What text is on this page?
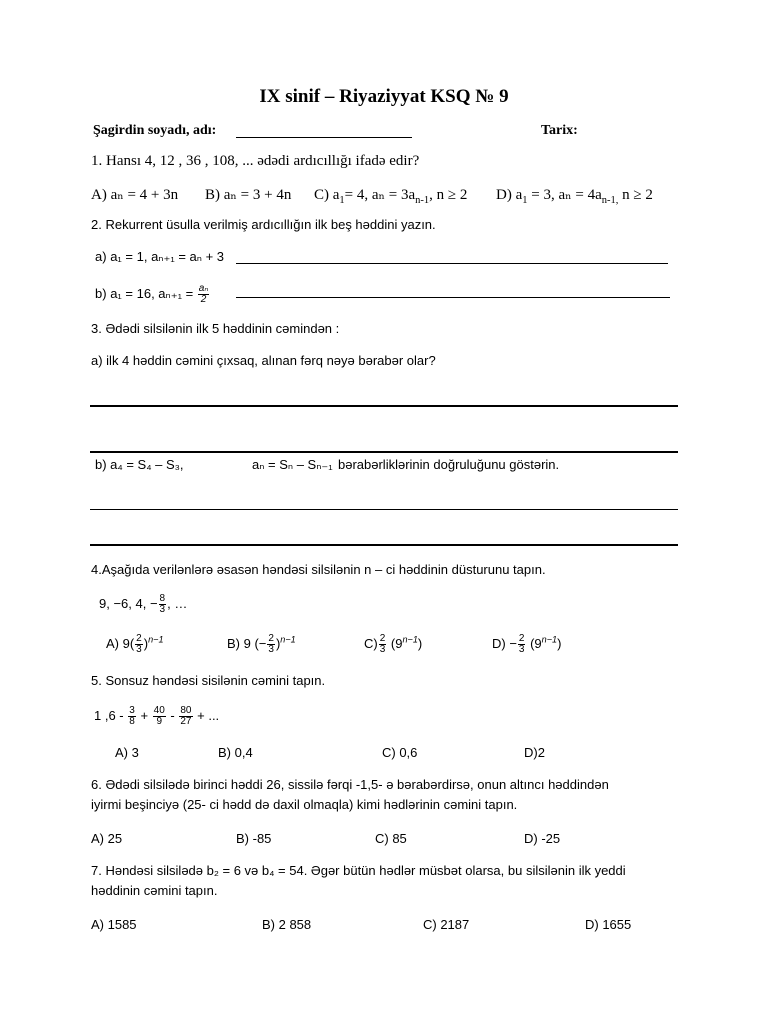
IX sinif – Riyaziyyat KSQ № 9
Şagirdin soyadı, adı:	Tarix:
1. Hansı 4, 12 , 36 , 108, ... ədədi ardıcıllığı ifadə edir?
A) aₙ = 4 + 3n B) aₙ = 3 + 4n C) $a_1= 4$, $a_n = 3a_{n-1}$, n ≥ 2 D) $a_1 = 3$, $a_n = 4a_{n-1,}$ n ≥ 2
2. Rekurrent üsulla verilmiş ardıcıllığın ilk beş həddini yazın.
a) a₁ = 1, aₙ₊₁ = aₙ + 3
b) a₁ = 16, $a_{n+1} = \frac{\text{aₙ}}{2}$
3. Ədədi silsilənin ilk 5 həddinin cəmindən :
a) ilk 4 həddin cəmini çıxsaq, alınan fərq nəyə bərabər olar?
b) a₄ = S₄ – S₃,	aₙ = Sₙ – Sₙ₋₁ bərabərliklərinin doğruluğunu göstərin.
4.Aşağıda verilənlərə əsasən həndəsi silsilənin n – ci həddinin düsturunu tapın.
9, −6, 4, − $\frac{8}{3}$ , …
A) $9( \frac{2}{3} )^{n-1}$	B) 9 (− $\frac{2}{3} )^{n-1}$	$C) \frac{2}{3} (9^{n-1})$	$D) - \frac{2}{3} (9^{n-1})$
5. Sonsuz həndəsi sisilənin cəmini tapın.
1 $,6 - \frac{3}{8} + \frac{40}{9} - \frac{80}{27}$ + ...
A) 3	B) 0,4	C) 0,6	D)2
6. Ədədi silsilədə birinci həddi 26, sissilə fərqi -1,5- ə bərabərdirsə, onun altıncı həddindən
iyirmi beşinciyə (25- ci hədd də daxil olmaqla) kimi hədlərinin cəmini tapın.
A) 25	B) -85	C) 85	D) -25
7. Həndəsi silsilədə b₂ = 6 və b₄ = 54. Əgər bütün hədlər müsbət olarsa, bu silsilənin ilk yeddi
həddinin cəmini tapın.
A) 1585	B) 2 858	C) 2187	D) 1655
